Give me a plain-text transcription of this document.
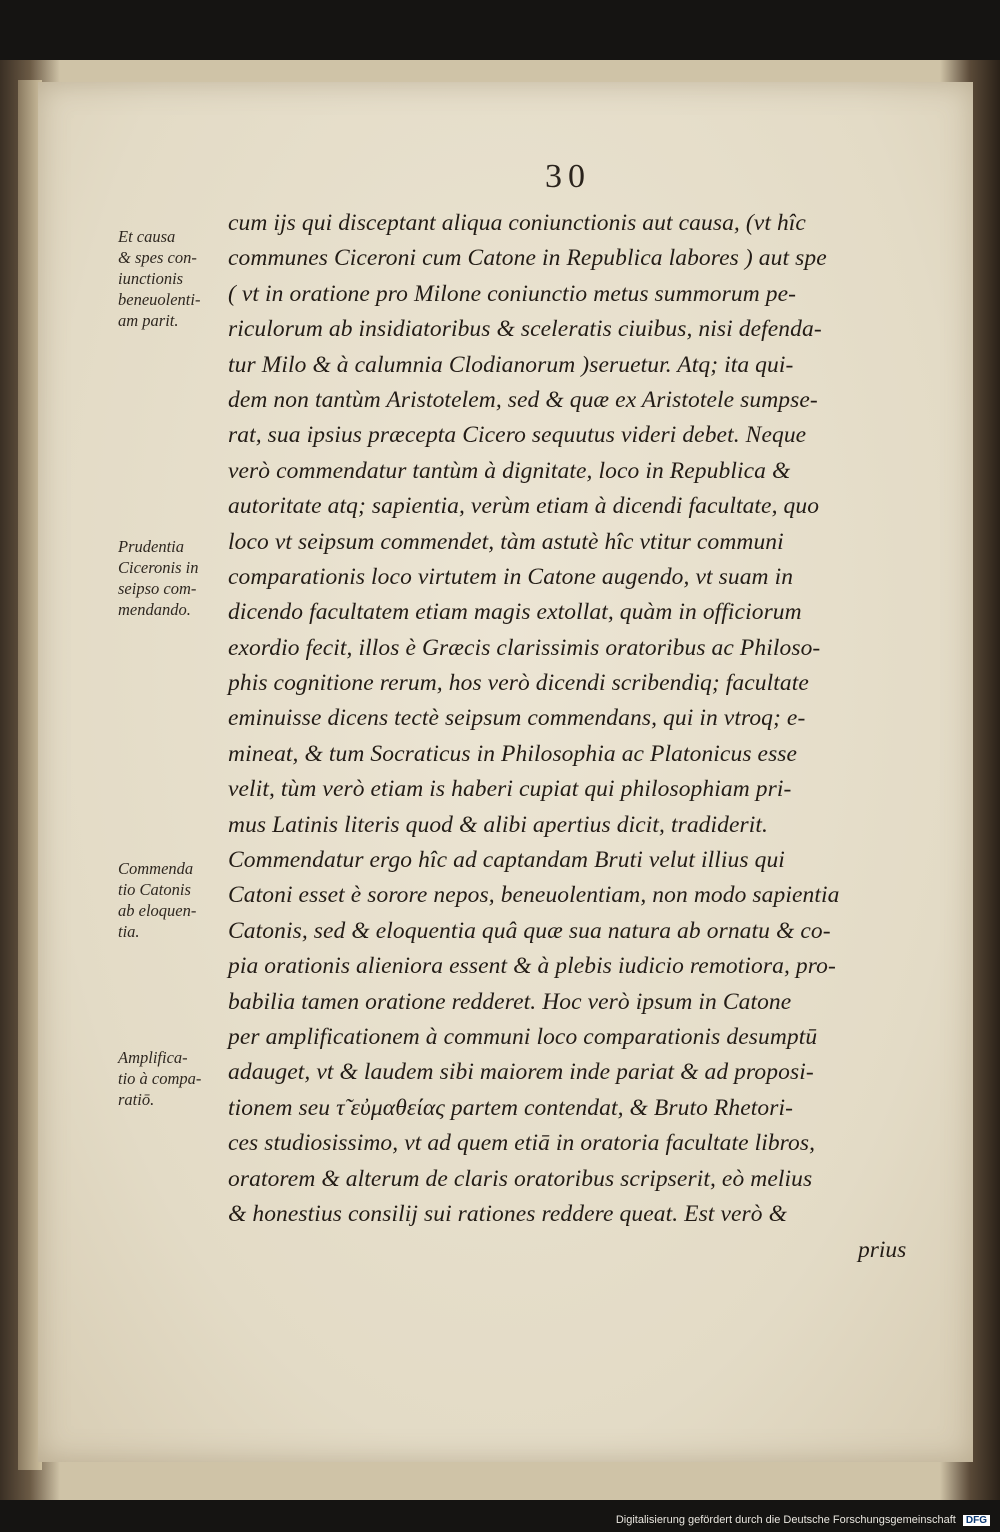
30
Et causa
& spes con-
iunctionis
beneuolenti-
am parit.
Prudentia
Ciceronis in
seipso com-
mendando.
Commenda
tio Catonis
ab eloquen-
tia.
Amplifica-
tio à compa-
ratiō.
cum ijs qui disceptant aliqua coniunctionis aut causa, (vt hîc
communes Ciceroni cum Catone in Republica labores ) aut spe
( vt in oratione pro Milone coniunctio metus summorum pe-
riculorum ab insidiatoribus & sceleratis ciuibus, nisi defenda-
tur Milo & à calumnia Clodianorum )seruetur. Atq; ita qui-
dem non tantùm Aristotelem, sed & quæ ex Aristotele sumpse-
rat, sua ipsius præcepta Cicero sequutus videri debet. Neque
verò commendatur tantùm à dignitate, loco in Republica &
autoritate atq; sapientia, verùm etiam à dicendi facultate, quo
loco vt seipsum commendet, tàm astutè hîc vtitur communi
comparationis loco virtutem in Catone augendo, vt suam in
dicendo facultatem etiam magis extollat, quàm in officiorum
exordio fecit, illos è Græcis clarissimis oratoribus ac Philoso-
phis cognitione rerum, hos verò dicendi scribendiq; facultate
eminuisse dicens tectè seipsum commendans, qui in vtroq; e-
mineat, & tum Socraticus in Philosophia ac Platonicus esse
velit, tùm verò etiam is haberi cupiat qui philosophiam pri-
mus Latinis literis quod & alibi apertius dicit, tradiderit.
Commendatur ergo hîc ad captandam Bruti velut illius qui
Catoni esset è sorore nepos, beneuolentiam, non modo sapientia
Catonis, sed & eloquentia quâ quæ sua natura ab ornatu & co-
pia orationis alieniora essent & à plebis iudicio remotiora, pro-
babilia tamen oratione redderet. Hoc verò ipsum in Catone
per amplificationem à communi loco comparationis desumptū
adauget, vt & laudem sibi maiorem inde pariat & ad proposi-
tionem seu τ̃ εὐμαθείας partem contendat, & Bruto Rhetori-
ces studiosissimo, vt ad quem etiā in oratoria facultate libros,
oratorem & alterum de claris oratoribus scripserit, eò melius
& honestius consilij sui rationes reddere queat. Est verò &
prius
Digitalisierung gefördert durch die Deutsche Forschungsgemeinschaft DFG
